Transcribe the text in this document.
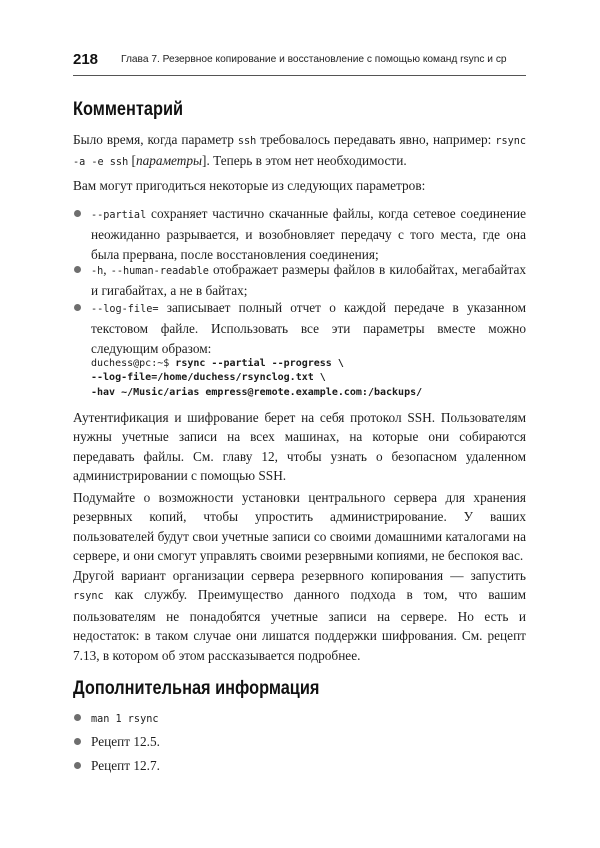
218 Глава 7. Резервное копирование и восстановление с помощью команд rsync и cp
Комментарий

Было время, когда параметр ssh требовалось передавать явно, например: rsync -a -e ssh [параметры]. Теперь в этом нет необходимости.

Вам могут пригодиться некоторые из следующих параметров:

--partial сохраняет частично скачанные файлы, когда сетевое соединение неожиданно разрывается, и возобновляет передачу с того места, где она была прервана, после восстановления соединения;
-h, --human-readable отображает размеры файлов в килобайтах, мегабайтах и гигабайтах, а не в байтах;
--log-file= записывает полный отчет о каждой передаче в указанном текстовом файле. Использовать все эти параметры вместе можно следующим образом:
duchess@pc:~$ rsync --partial --progress \
--log-file=/home/duchess/rsynclog.txt \
-hav ~/Music/arias empress@remote.example.com:/backups/

Аутентификация и шифрование берет на себя протокол SSH. Пользователям нужны учетные записи на всех машинах, на которые они собираются передавать файлы. См. главу 12, чтобы узнать о безопасном удаленном администрировании с помощью SSH.

Подумайте о возможности установки центрального сервера для хранения резервных копий, чтобы упростить администрирование. У ваших пользователей будут свои учетные записи со своими домашними каталогами на сервере, и они смогут управлять своими резервными копиями, не беспокоя вас.

Другой вариант организации сервера резервного копирования — запустить rsync как службу. Преимущество данного подхода в том, что вашим пользователям не понадобятся учетные записи на сервере. Но есть и недостаток: в таком случае они лишатся поддержки шифрования. См. рецепт 7.13, в котором об этом рассказывается подробнее.

Дополнительная информация
man 1 rsync
Рецепт 12.5.
Рецепт 12.7.
